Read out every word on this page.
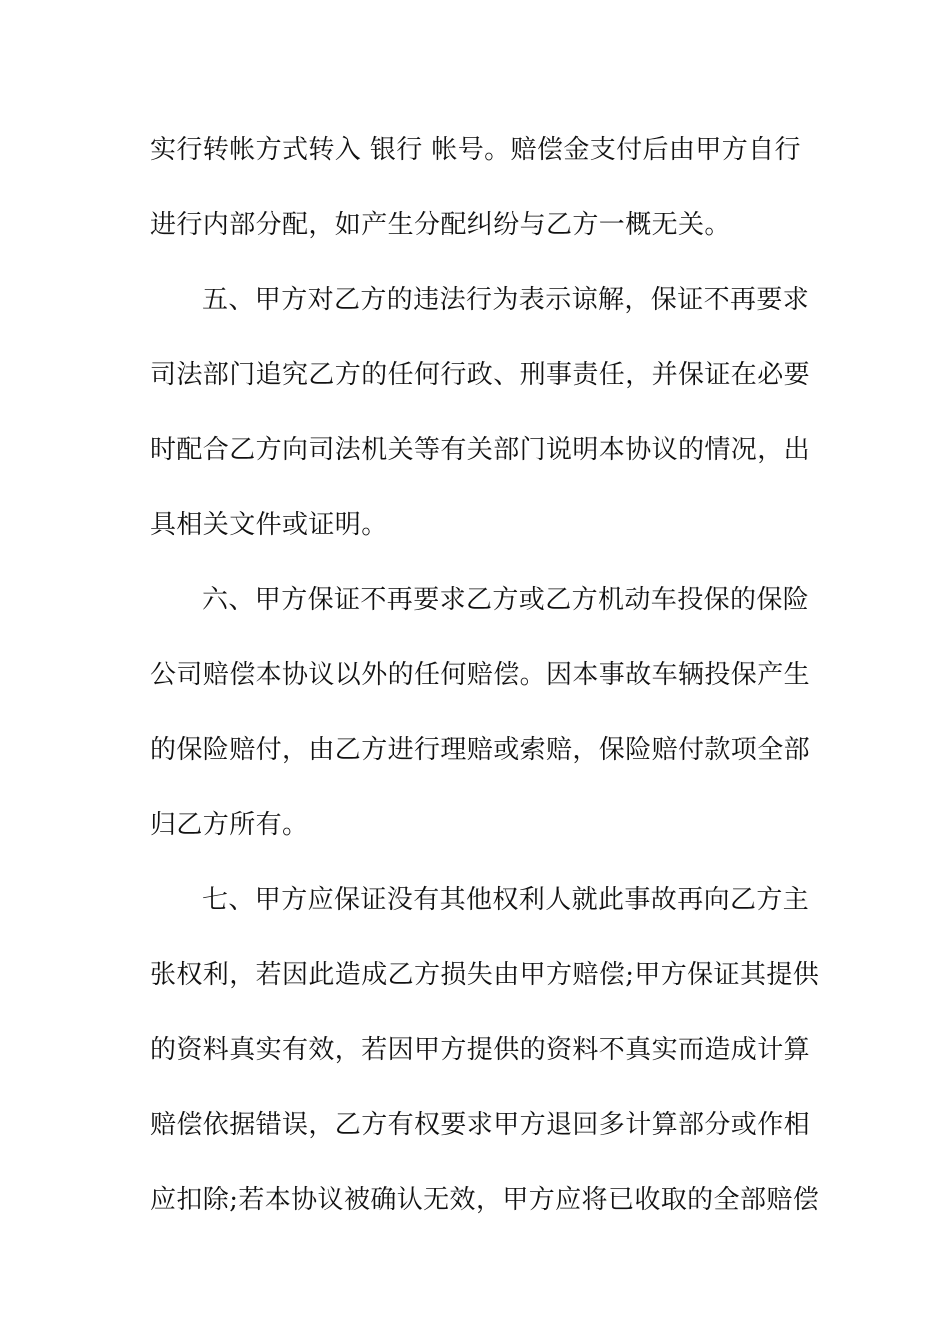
实行转帐方式转入 银行 帐号。赔偿金支付后由甲方自行
进行内部分配，如产生分配纠纷与乙方一概无关。
五、甲方对乙方的违法行为表示谅解，保证不再要求
司法部门追究乙方的任何行政、刑事责任，并保证在必要
时配合乙方向司法机关等有关部门说明本协议的情况，出
具相关文件或证明。
六、甲方保证不再要求乙方或乙方机动车投保的保险
公司赔偿本协议以外的任何赔偿。因本事故车辆投保产生
的保险赔付，由乙方进行理赔或索赔，保险赔付款项全部
归乙方所有。
七、甲方应保证没有其他权利人就此事故再向乙方主
张权利，若因此造成乙方损失由甲方赔偿;甲方保证其提供
的资料真实有效，若因甲方提供的资料不真实而造成计算
赔偿依据错误，乙方有权要求甲方退回多计算部分或作相
应扣除;若本协议被确认无效，甲方应将已收取的全部赔偿
